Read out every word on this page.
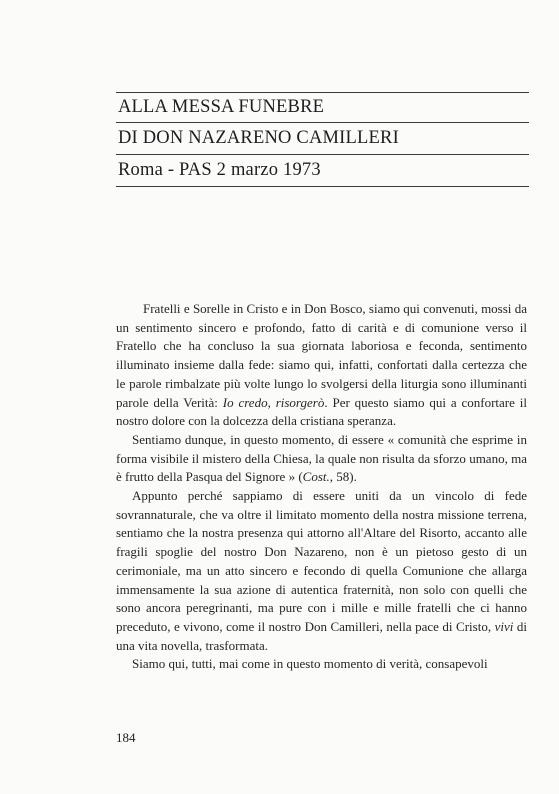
ALLA MESSA FUNEBRE
DI DON NAZARENO CAMILLERI
Roma - PAS 2 marzo 1973

Fratelli e Sorelle in Cristo e in Don Bosco, siamo qui convenuti, mossi da un sentimento sincero e profondo, fatto di carità e di comunione verso il Fratello che ha concluso la sua giornata laboriosa e feconda, sentimento illuminato insieme dalla fede: siamo qui, infatti, confortati dalla certezza che le parole rimbalzate più volte lungo lo svolgersi della liturgia sono illuminanti parole della Verità: Io credo, risorgerò. Per questo siamo qui a confortare il nostro dolore con la dolcezza della cristiana speranza.

Sentiamo dunque, in questo momento, di essere « comunità che esprime in forma visibile il mistero della Chiesa, la quale non risulta da sforzo umano, ma è frutto della Pasqua del Signore » (Cost., 58).

Appunto perché sappiamo di essere uniti da un vincolo di fede sovrannaturale, che va oltre il limitato momento della nostra missione terrena, sentiamo che la nostra presenza qui attorno all'Altare del Risorto, accanto alle fragili spoglie del nostro Don Nazareno, non è un pietoso gesto di un cerimoniale, ma un atto sincero e fecondo di quella Comunione che allarga immensamente la sua azione di autentica fraternità, non solo con quelli che sono ancora peregrinanti, ma pure con i mille e mille fratelli che ci hanno preceduto, e vivono, come il nostro Don Camilleri, nella pace di Cristo, vivi di una vita novella, trasformata.

Siamo qui, tutti, mai come in questo momento di verità, consapevoli

184
